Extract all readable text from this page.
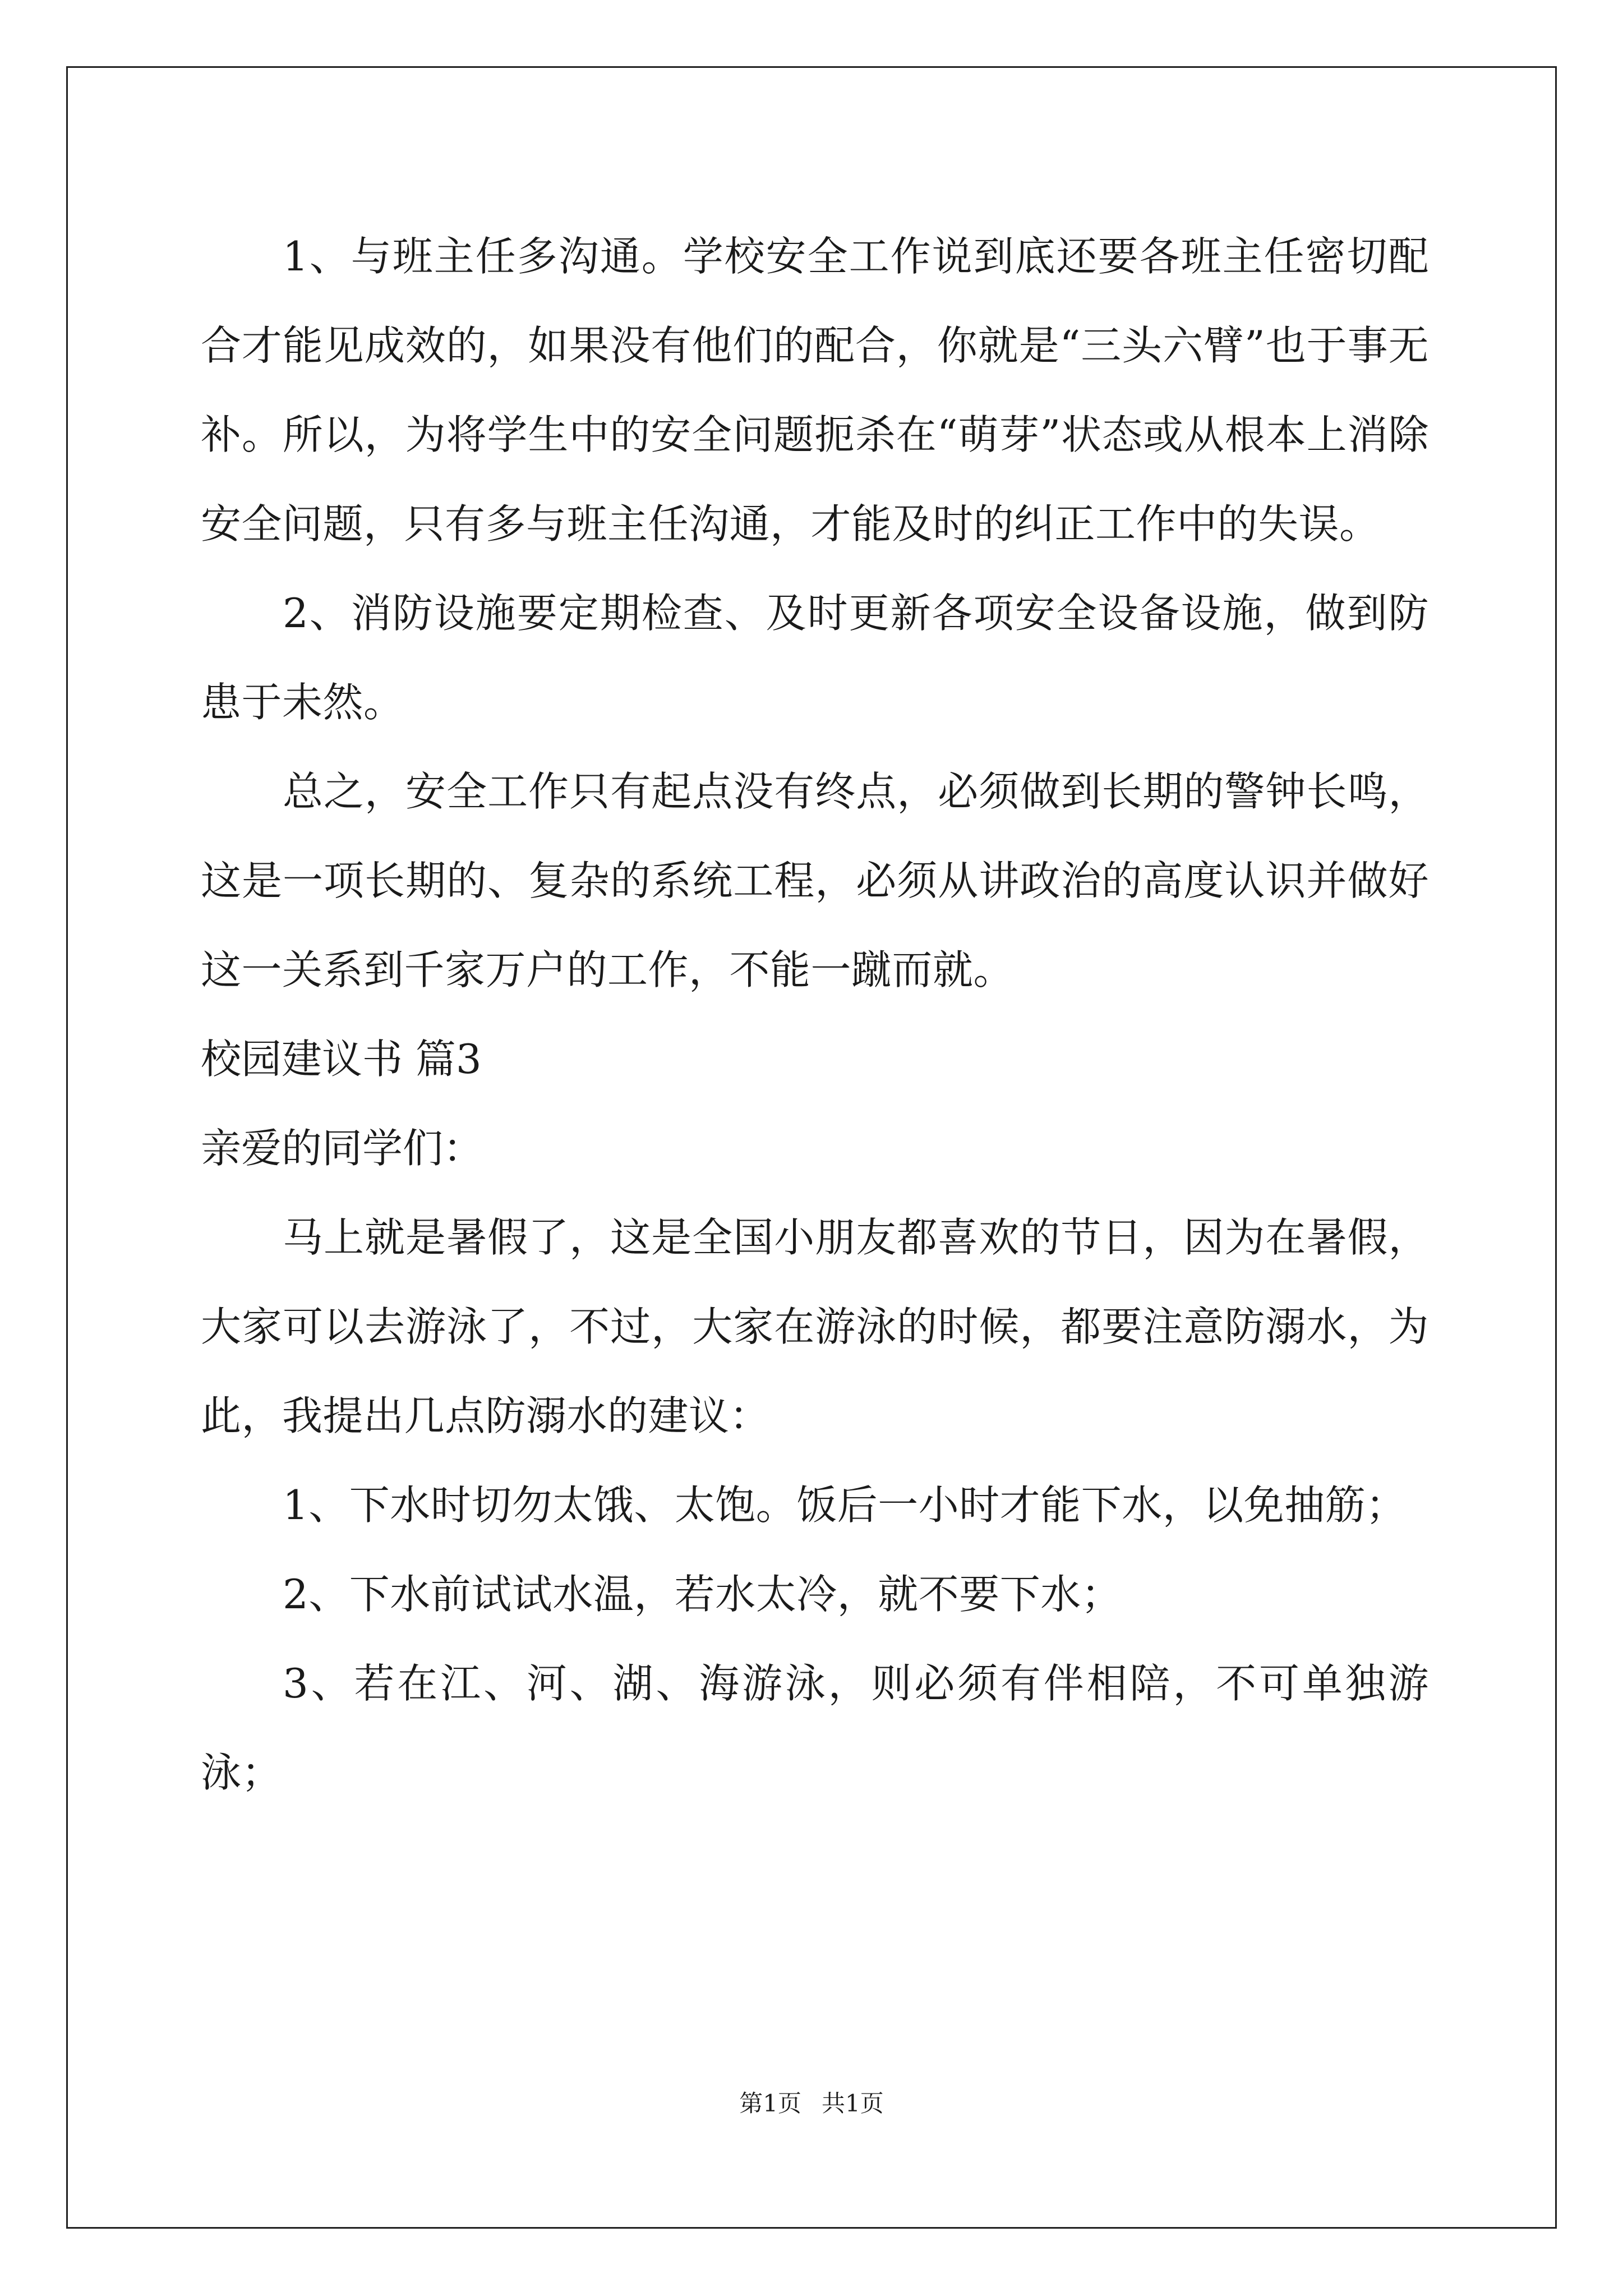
1、与班主任多沟通。学校安全工作说到底还要各班主任密切配合才能见成效的，如果没有他们的配合，你就是“三头六臂”也于事无补。所以，为将学生中的安全问题扼杀在“萌芽”状态或从根本上消除安全问题，只有多与班主任沟通，才能及时的纠正工作中的失误。

2、消防设施要定期检查、及时更新各项安全设备设施，做到防患于未然。

总之，安全工作只有起点没有终点，必须做到长期的警钟长鸣，这是一项长期的、复杂的系统工程，必须从讲政治的高度认识并做好这一关系到千家万户的工作，不能一蹴而就。

校园建议书 篇3

亲爱的同学们：

马上就是暑假了，这是全国小朋友都喜欢的节日，因为在暑假，大家可以去游泳了，不过，大家在游泳的时候，都要注意防溺水，为此，我提出几点防溺水的建议：

1、下水时切勿太饿、太饱。饭后一小时才能下水，以免抽筋；

2、下水前试试水温，若水太冷，就不要下水；

3、若在江、河、湖、海游泳，则必须有伴相陪，不可单独游泳；

第1页 共1页
